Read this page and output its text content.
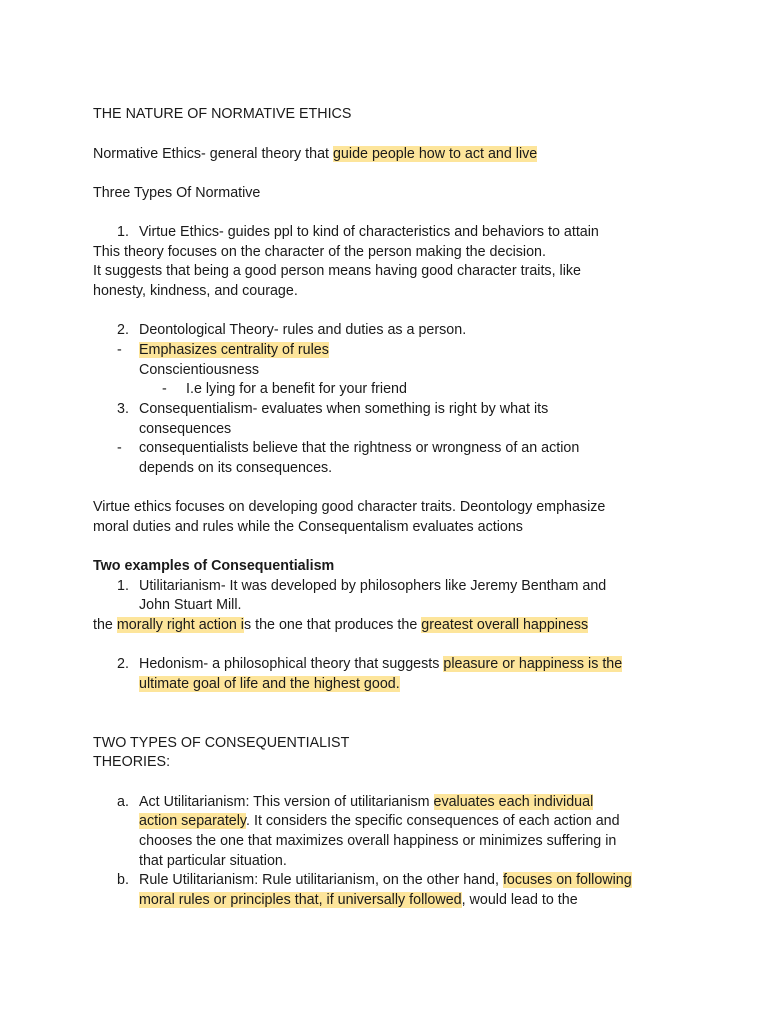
THE NATURE OF NORMATIVE ETHICS
Normative Ethics- general theory that guide people how to act and live
Three Types Of Normative
1. Virtue Ethics- guides ppl to kind of characteristics and behaviors to attain
This theory focuses on the character of the person making the decision.
It suggests that being a good person means having good character traits, like
honesty, kindness, and courage.
2. Deontological Theory- rules and duties as a person.
- Emphasizes centrality of rules
Conscientiousness
- I.e lying for a benefit for your friend
3. Consequentialism- evaluates when something is right by what its
consequences
- consequentialists believe that the rightness or wrongness of an action
depends on its consequences.
Virtue ethics focuses on developing good character traits. Deontology emphasize
moral duties and rules while the Consequentalism evaluates actions
Two examples of Consequentialism
1. Utilitarianism- It was developed by philosophers like Jeremy Bentham and
John Stuart Mill.
the morally right action is the one that produces the greatest overall happiness
2. Hedonism- a philosophical theory that suggests pleasure or happiness is the
ultimate goal of life and the highest good.
TWO TYPES OF CONSEQUENTIALIST
THEORIES:
a. Act Utilitarianism: This version of utilitarianism evaluates each individual
action separately. It considers the specific consequences of each action and
chooses the one that maximizes overall happiness or minimizes suffering in
that particular situation.
b. Rule Utilitarianism: Rule utilitarianism, on the other hand, focuses on following
moral rules or principles that, if universally followed, would lead to the
